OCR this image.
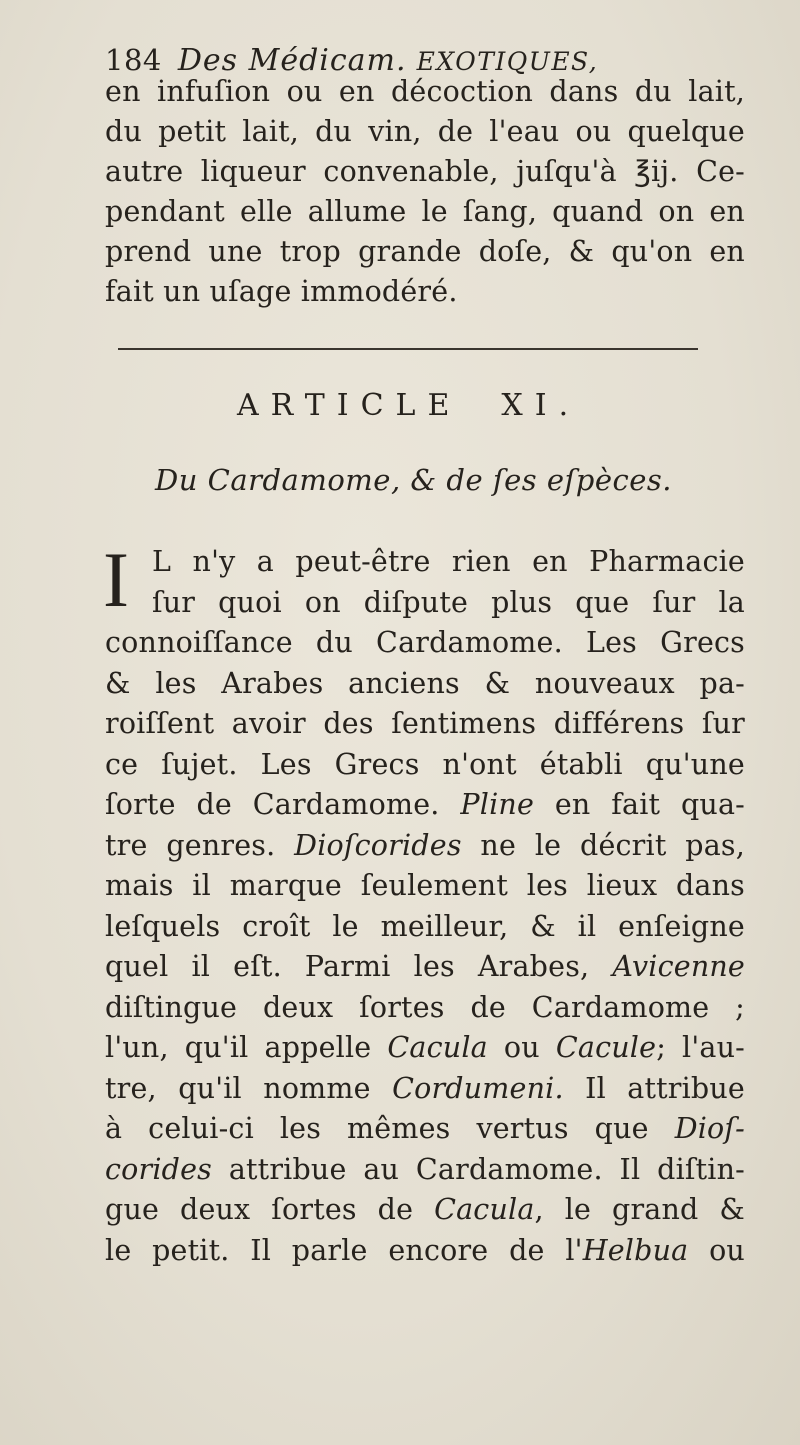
184 Des Médicam. EXOTIQUES,
en infuſion ou en décoction dans du lait,
du petit lait, du vin, de l'eau ou quelque
autre liqueur convenable, juſqu'à ℥ij. Ce-
pendant elle allume le ſang, quand on en
prend une trop grande doſe, & qu'on en
fait un uſage immodéré.
ARTICLE XI.
Du Cardamome, & de ſes eſpèces.
I L n'y a peut-être rien en Pharmacie
ſur quoi on diſpute plus que ſur la
connoiſſance du Cardamome. Les Grecs
& les Arabes anciens & nouveaux pa-
roiſſent avoir des ſentimens différens ſur
ce ſujet. Les Grecs n'ont établi qu'une
ſorte de Cardamome. Pline en fait qua-
tre genres. Dioſcorides ne le décrit pas,
mais il marque ſeulement les lieux dans
leſquels croît le meilleur, & il enſeigne
quel il eſt. Parmi les Arabes, Avicenne
diſtingue deux ſortes de Cardamome ;
l'un, qu'il appelle Cacula ou Cacule; l'au-
tre, qu'il nomme Cordumeni. Il attribue
à celui-ci les mêmes vertus que Dioſ-
corides attribue au Cardamome. Il diſtin-
gue deux ſortes de Cacula, le grand &
le petit. Il parle encore de l'Helbua ou
